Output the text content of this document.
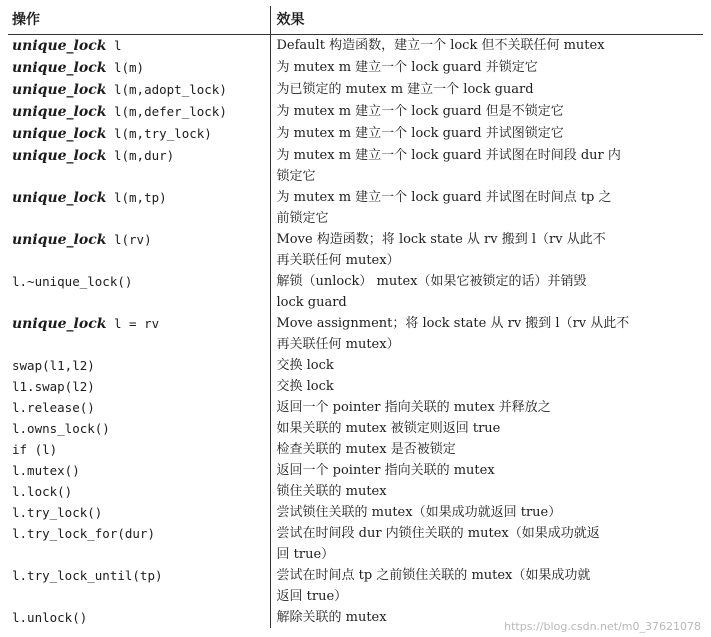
操作	效果
unique_lock l	Default 构造函数，建立一个 lock 但不关联任何 mutex

unique_lock l(m)	为 mutex m 建立一个 lock guard 并锁定它

unique_lock l(m,adopt_lock)	为已锁定的 mutex m 建立一个 lock guard

unique_lock l(m,defer_lock)	为 mutex m 建立一个 lock guard 但是不锁定它

unique_lock l(m,try_lock)	为 mutex m 建立一个 lock guard 并试图锁定它

unique_lock l(m,dur)	为 mutex m 建立一个 lock guard 并试图在时间段 dur 内
锁定它

unique_lock l(m,tp)	为 mutex m 建立一个 lock guard 并试图在时间点 tp 之
前锁定它

unique_lock l(rv)	Move 构造函数；将 lock state 从 rv 搬到 l（rv 从此不
再关联任何 mutex）

l.~unique_lock()	解锁（unlock） mutex（如果它被锁定的话）并销毁
lock guard

unique_lock l = rv	Move assignment；将 lock state 从 rv 搬到 l（rv 从此不
再关联任何 mutex）

swap(l1,l2)	交换 lock

l1.swap(l2)	交换 lock

l.release()	返回一个 pointer 指向关联的 mutex 并释放之

l.owns_lock()	如果关联的 mutex 被锁定则返回 true

if (l)	检查关联的 mutex 是否被锁定

l.mutex()	返回一个 pointer 指向关联的 mutex

l.lock()	锁住关联的 mutex

l.try_lock()	尝试锁住关联的 mutex（如果成功就返回 true）

l.try_lock_for(dur)	尝试在时间段 dur 内锁住关联的 mutex（如果成功就返
回 true）

l.try_lock_until(tp)	尝试在时间点 tp 之前锁住关联的 mutex（如果成功就
返回 true）

l.unlock()	解除关联的 mutex
https://blog.csdn.net/m0_37621078
